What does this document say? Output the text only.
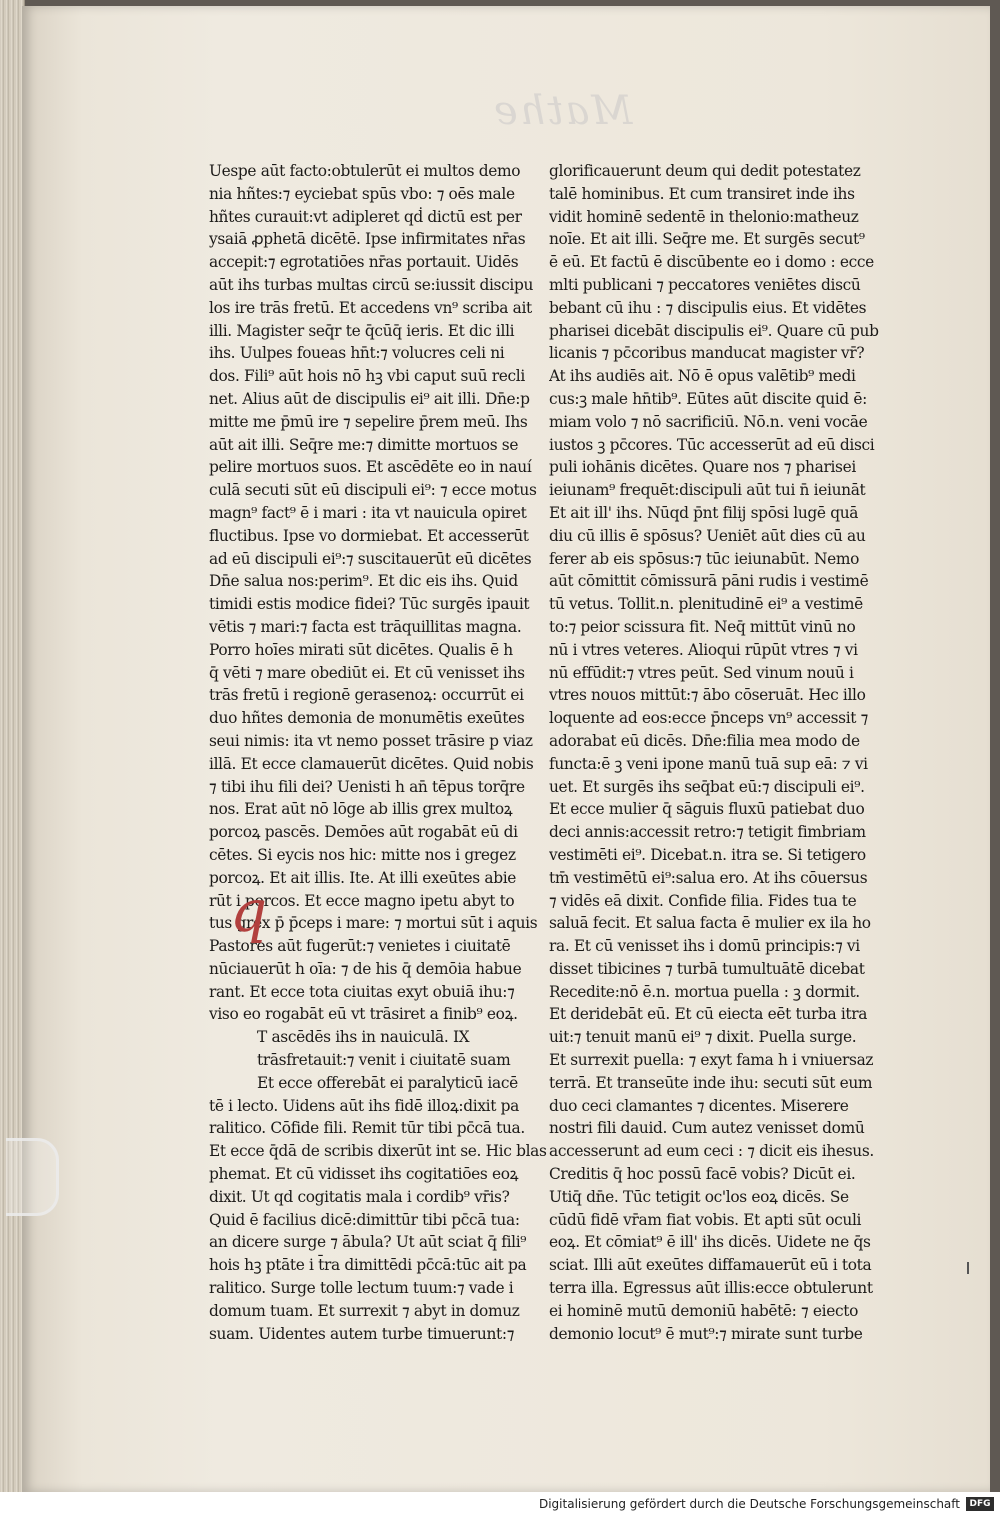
Mathe
Uespe aūt facto:obtulerūt ei multos demo
nia hñtes:⁊ eyciebat spūs vbo: ⁊ oēs male
hñtes curauit:vt adipleret qḋ dictū est per
ysaiā ꝓphetā dicētē. Ipse infirmitates nr̄as
accepit:⁊ egrotatiōes nr̄as portauit. Uidēs
aūt ihs turbas multas circū se:iussit discipu
los ire trās fretū. Et accedens vn⁹ scriba ait
illi. Magister seq̄r te q̄cūq̄ ieris. Et dic illi
ihs. Uulpes foueas hn̄t:⁊ volucres celi ni
dos. Fili⁹ aūt hois nō hꝫ vbi caput suū recli
net. Alius aūt de discipulis ei⁹ ait illi. Dn̄e:p
mitte me p̄mū ire ⁊ sepelire p̄rem meū. Ihs
aūt ait illi. Seq̄re me:⁊ dimitte mortuos se
pelire mortuos suos. Et ascēdēte eo in nauí
culā secuti sūt eū discipuli ei⁹: ⁊ ecce motus
magn⁹ fact⁹ ē i mari : ita vt nauicula opiret
fluctibus. Ipse vo dormiebat. Et accesserūt
ad eū discipuli ei⁹:⁊ suscitauerūt eū dicētes
Dn̄e salua nos:perim⁹. Et dic eis ihs. Quid
timidi estis modice fidei? Tūc surgēs ipauit
vētis ⁊ mari:⁊ facta est trāquillitas magna.
Porro hoīes mirati sūt dicētes. Qualis ē h
q̄ vēti ⁊ mare obediūt ei. Et cū venisset ihs
trās fretū i regionē gerasenoꝝ: occurrūt ei
duo hñtes demonia de monumētis exeūtes
seui nimis: ita vt nemo posset trāsire p viaz
illā. Et ecce clamauerūt dicētes. Quid nobis
⁊ tibi ihu fili dei? Uenisti h an̄ tēpus torq̄re
nos. Erat aūt nō lōge ab illis grex multoꝝ
porcoꝝ pascēs. Demōes aūt rogabāt eū di
cētes. Si eycis nos hic: mitte nos i gregez
porcoꝝ. Et ait illis. Ite. At illi exeūtes abie
rūt i porcos. Et ecce magno ipetu abyt to
tus grex p̄ p̄ceps i mare: ⁊ mortui sūt i aquis
Pastores aūt fugerūt:⁊ venietes i ciuitatē
nūciauerūt h oīa: ⁊ de his q̄ demōia habue
rant. Et ecce tota ciuitas exyt obuiā ihu:⁊
viso eo rogabāt eū vt trāsiret a finib⁹ eoꝝ.
T ascēdēs ihs in nauiculā. IX
trāsfretauit:⁊ venit i ciuitatē suam
Et ecce offerebāt ei paralyticū iacē
tē i lecto. Uidens aūt ihs fidē illoꝝ:dixit pa
ralitico. Cōfide fili. Remit tūr tibi pc̄cā tua.
Et ecce q̄dā de scribis dixerūt int se. Hic blas
phemat. Et cū vidisset ihs cogitatiōes eoꝝ
dixit. Ut qd cogitatis mala i cordib⁹ vr̄is?
Quid ē facilius dicē:dimittūr tibi pc̄cā tua:
an dicere surge ⁊ ābula? Ut aūt sciat q̄ fili⁹
hois hꝫ ptāte i t̄ra dimittēdi pc̄cā:tūc ait pa
ralitico. Surge tolle lectum tuum:⁊ vade i
domum tuam. Et surrexit ⁊ abyt in domuz
suam. Uidentes autem turbe timuerunt:⁊
glorificauerunt deum qui dedit potestatez
talē hominibus. Et cum transiret inde ihs
vidit hominē sedentē in thelonio:matheuz
noīe. Et ait illi. Seq̄re me. Et surgēs secut⁹
ē eū. Et factū ē discūbente eo i domo : ecce
mlti publicani ⁊ peccatores veniētes discū
bebant cū ihu : ⁊ discipulis eius. Et vidētes
pharisei dicebāt discipulis ei⁹. Quare cū pub
licanis ⁊ pc̄coribus manducat magister vr̄?
At ihs audiēs ait. Nō ē opus valētib⁹ medi
cus:ꝫ male hn̄tib⁹. Eūtes aūt discite quid ē:
miam volo ⁊ nō sacrificiū. Nō.n. veni vocāe
iustos ꝫ pc̄cores. Tūc accesserūt ad eū disci
puli iohānis dicētes. Quare nos ⁊ pharisei
ieiunam⁹ frequēt:discipuli aūt tui n̄ ieiunāt
Et ait ill' ihs. Nūqd p̄nt filij spōsi lugē quā
diu cū illis ē spōsus? Ueniēt aūt dies cū au
ferer ab eis spōsus:⁊ tūc ieiunabūt. Nemo
aūt cōmittit cōmissurā pāni rudis i vestimē
tū vetus. Tollit.n. plenitudinē ei⁹ a vestimē
to:⁊ peior scissura fit. Neq̄ mittūt vinū no
nū i vtres veteres. Alioqui rūpūt vtres ⁊ vi
nū effūdit:⁊ vtres peūt. Sed vinum nouū i
vtres nouos mittūt:⁊ ābo cōseruāt. Hec illo
loquente ad eos:ecce p̄nceps vn⁹ accessit ⁊
adorabat eū dicēs. Dn̄e:filia mea modo de
functa:ē ꝫ veni ipone manū tuā sup eā: ⁊ vi
uet. Et surgēs ihs seq̄bat eū:⁊ discipuli ei⁹.
Et ecce mulier q̄ sāguis fluxū patiebat duo
deci annis:accessit retro:⁊ tetigit fimbriam
vestimēti ei⁹. Dicebat.n. itra se. Si tetigero
tm̄ vestimētū ei⁹:salua ero. At ihs cōuersus
⁊ vidēs eā dixit. Confide filia. Fides tua te
saluā fecit. Et salua facta ē mulier ex ila ho
ra. Et cū venisset ihs i domū principis:⁊ vi
disset tibicines ⁊ turbā tumultuātē dicebat
Recedite:nō ē.n. mortua puella : ꝫ dormit.
Et deridebāt eū. Et cū eiecta eēt turba itra
uit:⁊ tenuit manū ei⁹ ⁊ dixit. Puella surge.
Et surrexit puella: ⁊ exyt fama h i vniuersaz
terrā. Et transeūte inde ihu: secuti sūt eum
duo ceci clamantes ⁊ dicentes. Miserere
nostri fili dauid. Cum autez venisset domū
accesserunt ad eum ceci : ⁊ dicit eis ihesus.
Creditis q̄ hoc possū facē vobis? Dicūt ei.
Utiq̄ dn̄e. Tūc tetigit oc'los eoꝝ dicēs. Se
cūdū fidē vr̄am fiat vobis. Et apti sūt oculi
eoꝝ. Et cōmiat⁹ ē ill' ihs dicēs. Uidete ne q̄s
sciat. Illi aūt exeūtes diffamauerūt eū i tota
terra illa. Egressus aūt illis:ecce obtulerunt
ei hominē mutū demoniū habētē: ⁊ eiecto
demonio locut⁹ ē mut⁹:⁊ mirate sunt turbe
q
Digitalisierung gefördert durch die Deutsche Forschungsgemeinschaft	DFG
